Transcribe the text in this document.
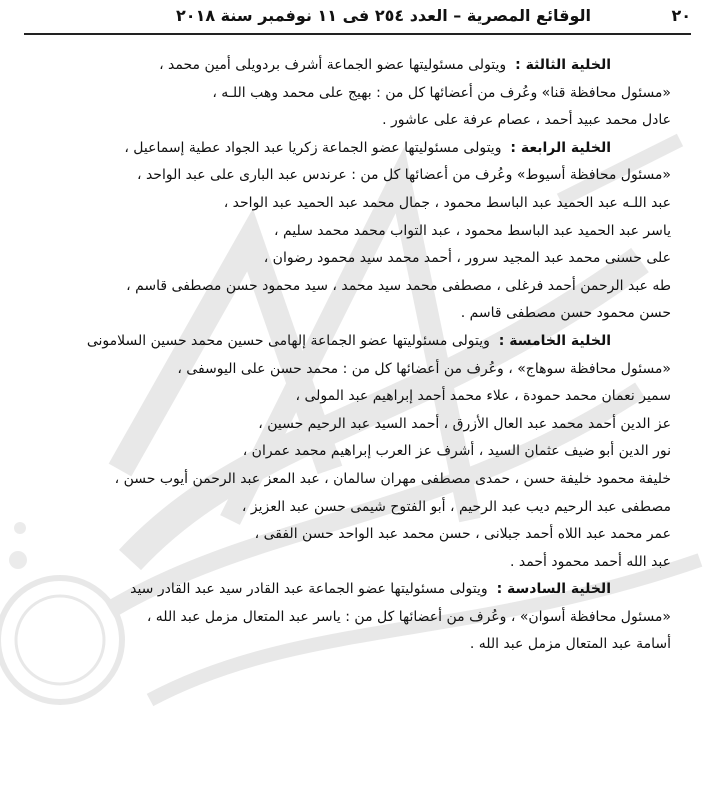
٢٠
الوقائع المصرية – العدد ٢٥٤ فى ١١ نوفمبر سنة ٢٠١٨
الخلية الثالثة :  ويتولى مسئوليتها عضو الجماعة أشرف بردويلى أمين محمد ،
«مسئول محافظة قنا» وعُرف من أعضائها كل من : بهيج على محمد وهب اللـه ،
عادل محمد عبيد أحمد ، عصام عرفة على عاشور .
الخلية الرابعة :  ويتولى مسئوليتها عضو الجماعة زكريا عبد الجواد عطية إسماعيل ،
«مسئول محافظة أسيوط» وعُرف من أعضائها كل من : عرندس عبد البارى على عبد الواحد ،
عبد اللـه عبد الحميد عبد الباسط محمود ، جمال محمد عبد الحميد عبد الواحد ،
ياسر عبد الحميد عبد الباسط محمود ، عبد التواب محمد محمد سليم ،
على حسنى محمد عبد المجيد سرور ، أحمد محمد سيد محمود رضوان ،
طه عبد الرحمن أحمد فرغلى ، مصطفى محمد سيد محمد ، سيد محمود حسن مصطفى قاسم ،
حسن محمود حسن مصطفى قاسم .
الخلية الخامسة :  ويتولى مسئوليتها عضو الجماعة إلهامى حسين محمد حسين السلامونى
«مسئول محافظة سوهاج» ، وعُرف من أعضائها كل من : محمد حسن على اليوسفى ،
سمير نعمان محمد حمودة ، علاء محمد أحمد إبراهيم عبد المولى ،
عز الدين أحمد محمد عبد العال الأزرق ، أحمد السيد عبد الرحيم حسين ،
نور الدين أبو ضيف عثمان السيد ، أشرف عز العرب إبراهيم محمد عمران ،
خليفة محمود خليفة حسن ، حمدى مصطفى مهران سالمان ، عبد المعز عبد الرحمن أيوب حسن ،
مصطفى عبد الرحيم ديب عبد الرحيم ، أبو الفتوح شيمى حسن عبد العزيز ،
عمر محمد عبد اللاه أحمد جبلانى ، حسن محمد عبد الواحد حسن الفقى ،
عبد الله أحمد محمود أحمد .
الخلية السادسة :  ويتولى مسئوليتها عضو الجماعة عبد القادر سيد عبد القادر سيد
«مسئول محافظة أسوان» ، وعُرف من أعضائها كل من : ياسر عبد المتعال مزمل عبد الله ،
أسامة عبد المتعال مزمل عبد الله .
